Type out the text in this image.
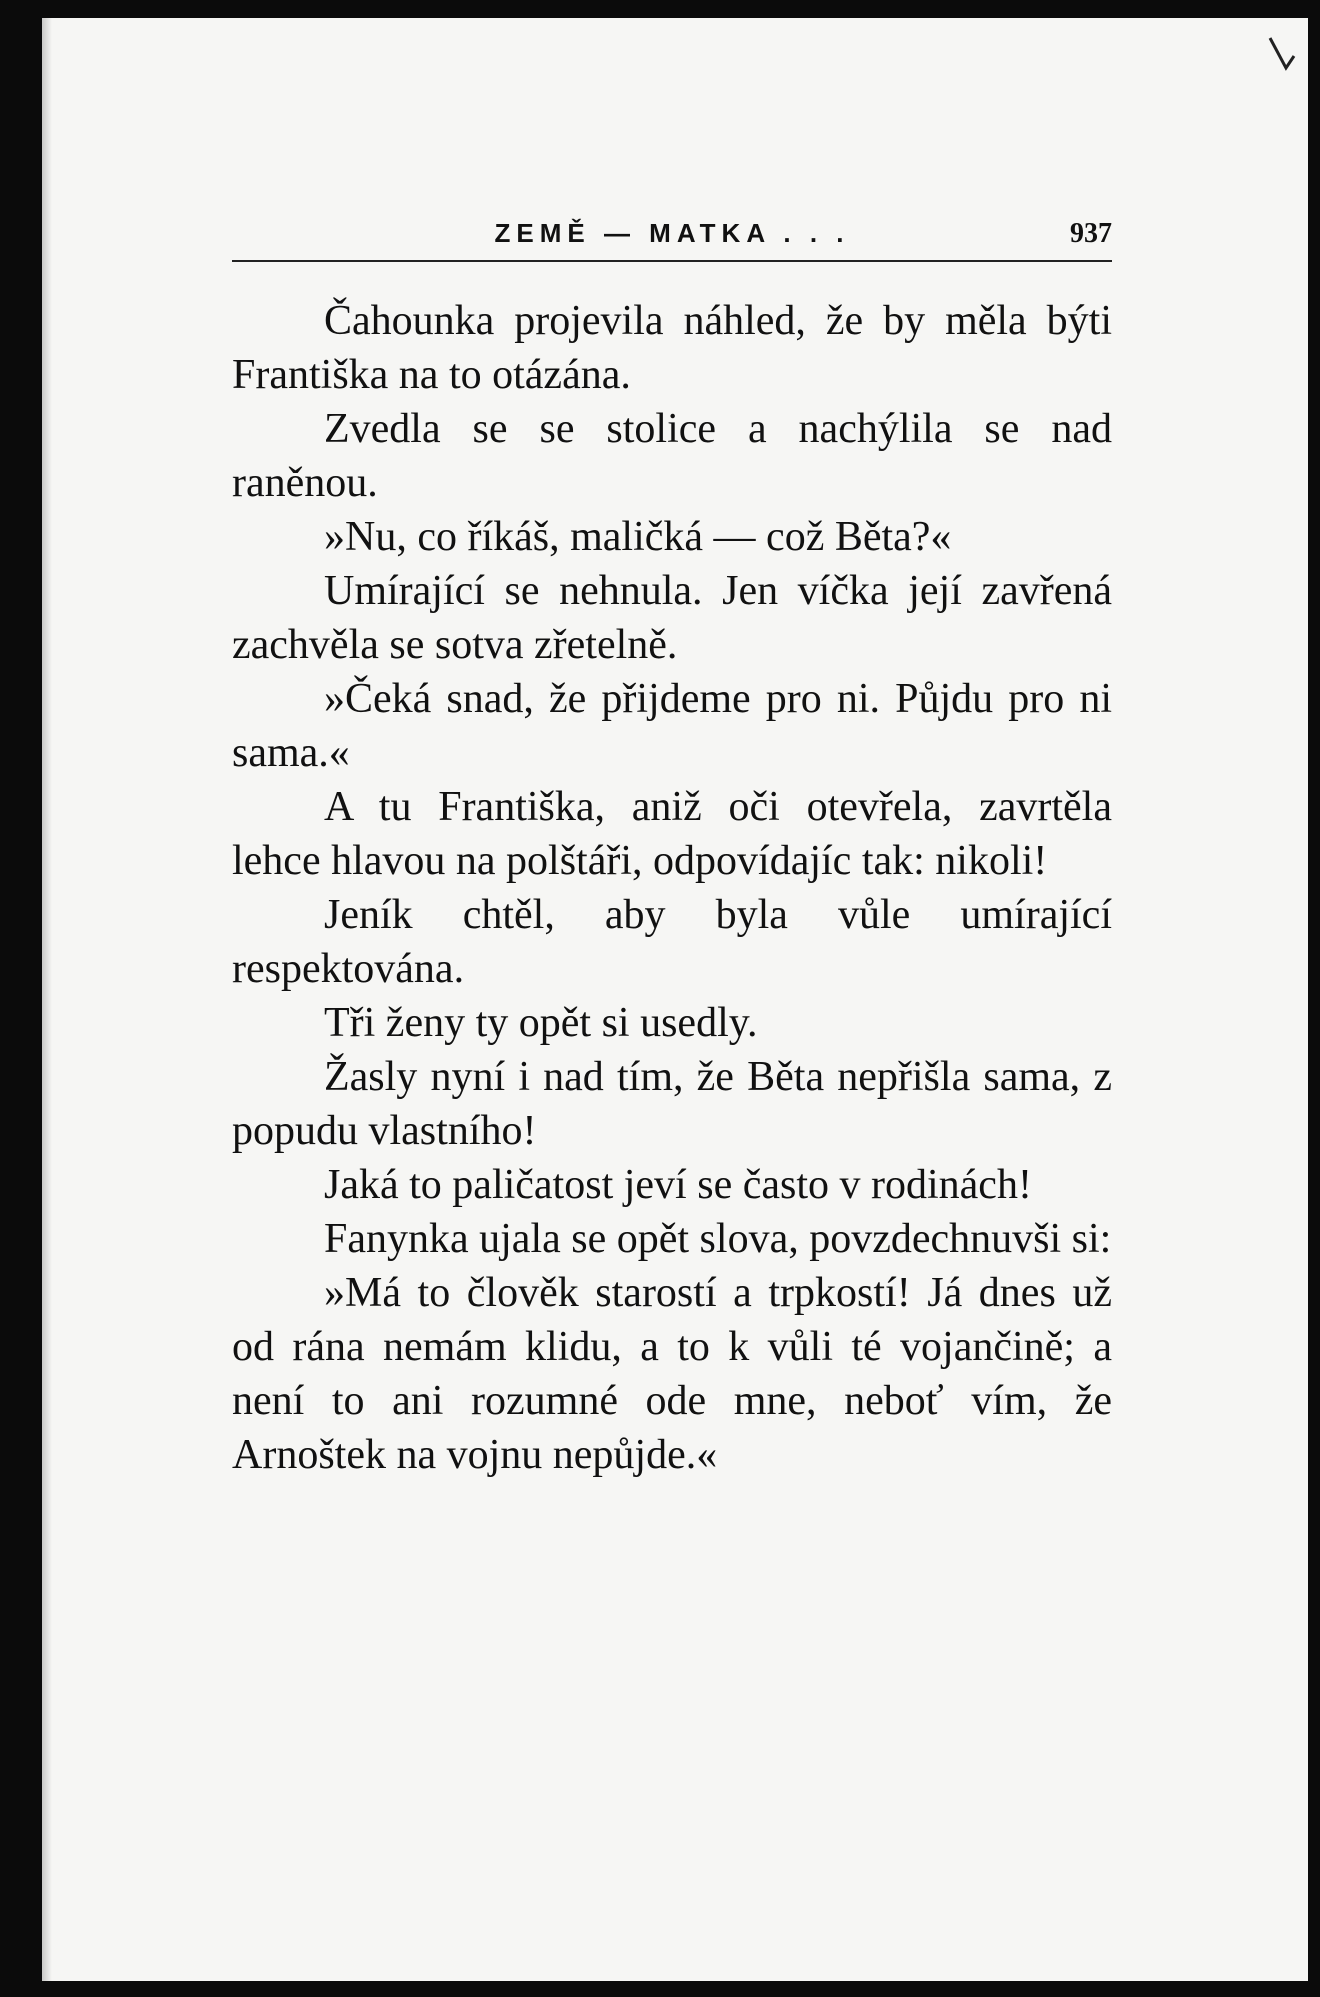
ZEMĚ — MATKA . . .	937

Čahounka projevila náhled, že by měla býti Františka na to otázána.

Zvedla se se stolice a nachýlila se nad raněnou.

»Nu, co říkáš, maličká — což Běta?«

Umírající se nehnula. Jen víčka její zavřená zachvěla se sotva zřetelně.

»Čeká snad, že přijdeme pro ni. Půjdu pro ni sama.«

A tu Františka, aniž oči otevřela, zavrtěla lehce hlavou na polštáři, odpovídajíc tak: nikoli!

Jeník chtěl, aby byla vůle umírající respektována.

Tři ženy ty opět si usedly.

Žasly nyní i nad tím, že Běta nepřišla sama, z popudu vlastního!

Jaká to paličatost jeví se často v rodinách!

Fanynka ujala se opět slova, povzdechnuvši si:

»Má to člověk starostí a trpkostí! Já dnes už od rána nemám klidu, a to k vůli té vojančině; a není to ani rozumné ode mne, neboť vím, že Arnoštek na vojnu nepůjde.«
